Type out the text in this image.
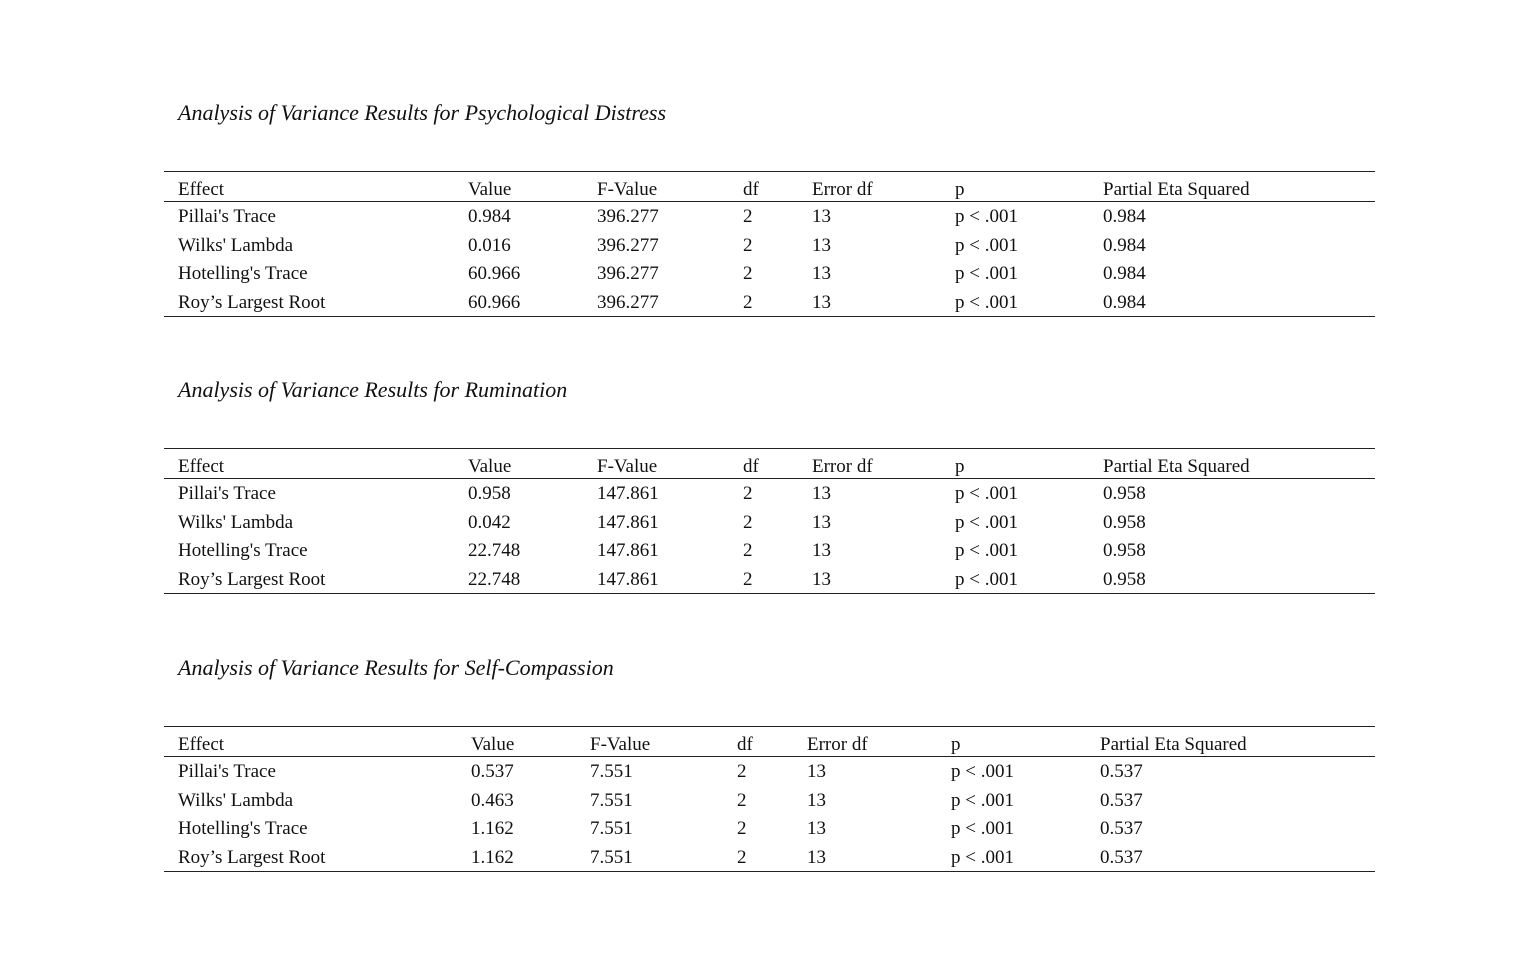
Analysis of Variance Results for Psychological Distress
Effect	Value	F-Value	df	Error df	p	Partial Eta Squared
Pillai's Trace	0.984	396.277	2	13	p < .001	0.984
Wilks' Lambda	0.016	396.277	2	13	p < .001	0.984
Hotelling's Trace	60.966	396.277	2	13	p < .001	0.984
Roy’s Largest Root	60.966	396.277	2	13	p < .001	0.984
Analysis of Variance Results for Rumination
Effect	Value	F-Value	df	Error df	p	Partial Eta Squared
Pillai's Trace	0.958	147.861	2	13	p < .001	0.958
Wilks' Lambda	0.042	147.861	2	13	p < .001	0.958
Hotelling's Trace	22.748	147.861	2	13	p < .001	0.958
Roy’s Largest Root	22.748	147.861	2	13	p < .001	0.958
Analysis of Variance Results for Self-Compassion
Effect	Value	F-Value	df	Error df	p	Partial Eta Squared
Pillai's Trace	0.537	7.551	2	13	p < .001	0.537
Wilks' Lambda	0.463	7.551	2	13	p < .001	0.537
Hotelling's Trace	1.162	7.551	2	13	p < .001	0.537
Roy’s Largest Root	1.162	7.551	2	13	p < .001	0.537
